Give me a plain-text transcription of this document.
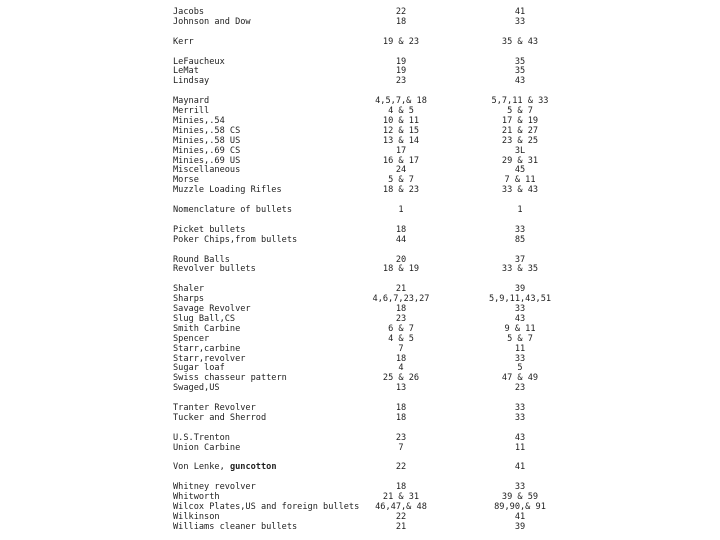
Jacobs	22	41
Johnson and Dow	18	33
Kerr	19 & 23	35 & 43
LeFaucheux	19	35
LeMat	19	35
Lindsay	23	43
Maynard	4,5,7,& 18	5,7,11 & 33
Merrill	4 & 5	5 & 7
Minies,.54	10 & 11	17 & 19
Minies,.58 CS	12 & 15	21 & 27
Minies,.58 US	13 & 14	23 & 25
Minies,.69 CS	17	3L
Minies,.69 US	16 & 17	29 & 31
Miscellaneous	24	45
Morse	5 & 7	7 & 11
Muzzle Loading Rifles	18 & 23	33 & 43
Nomenclature of bullets	1	1
Picket bullets	18	33
Poker Chips,from bullets	44	85
Round Balls	20	37
Revolver bullets	18 & 19	33 & 35
Shaler	21	39
Sharps	4,6,7,23,27	5,9,11,43,51
Savage Revolver	18	33
Slug Ball,CS	23	43
Smith Carbine	6 & 7	9 & 11
Spencer	4 & 5	5 & 7
Starr,carbine	7	11
Starr,revolver	18	33
Sugar loaf	4	5
Swiss chasseur pattern	25 & 26	47 & 49
Swaged,US	13	23
Tranter Revolver	18	33
Tucker and Sherrod	18	33
U.S.Trenton	23	43
Union Carbine	7	11
Von Lenke, guncotton	22	41
Whitney revolver	18	33
Whitworth	21 & 31	39 & 59
Wilcox Plates,US and foreign bullets 46,47,& 48	89,90,& 91
Wilkinson	22	41
Williams cleaner bullets	21	39
